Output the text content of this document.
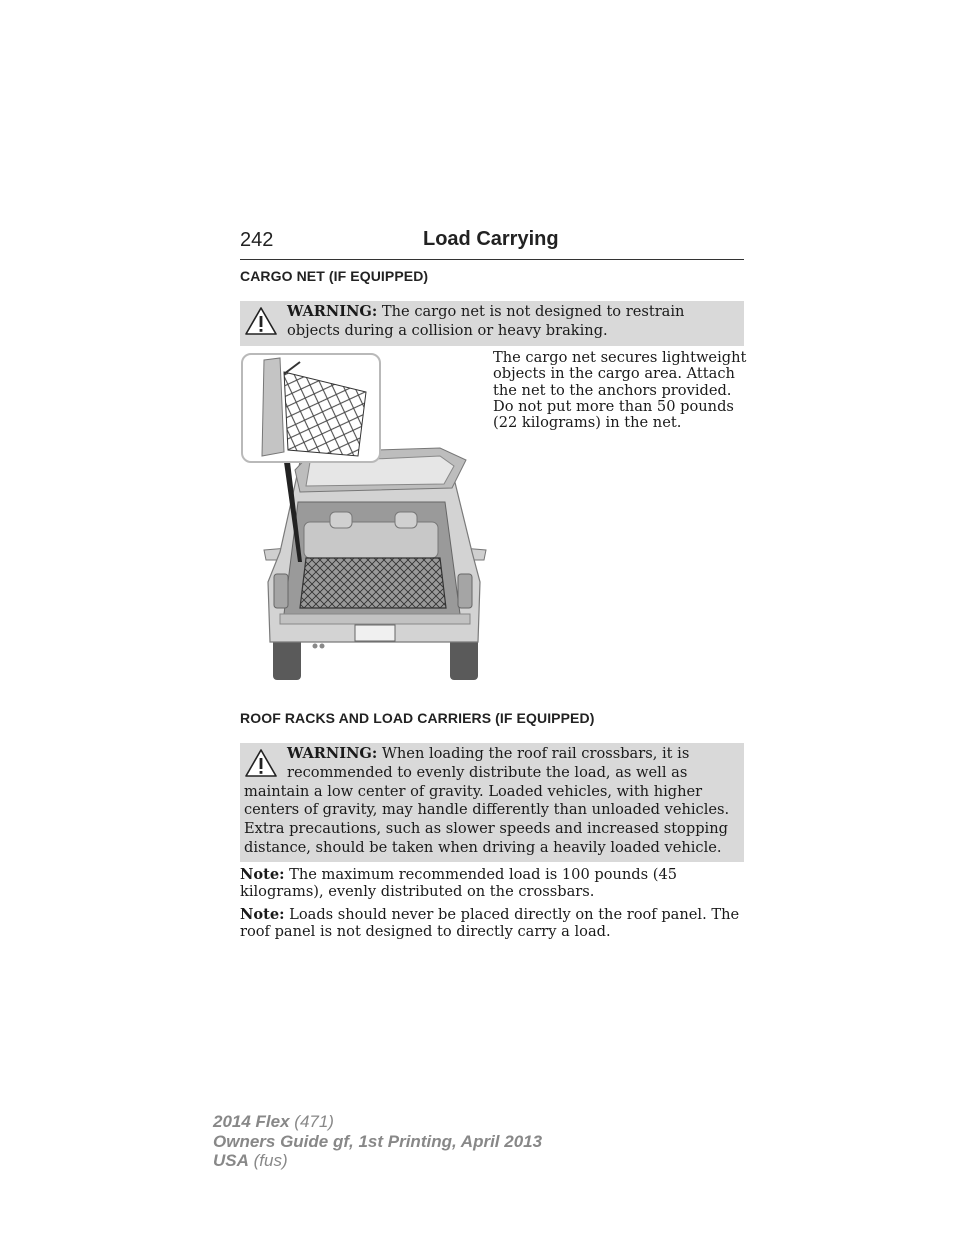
242	Load Carrying
CARGO NET (IF EQUIPPED)
WARNING: The cargo net is not designed to restrain objects during a collision or heavy braking.
The cargo net secures lightweight
objects in the cargo area. Attach
the net to the anchors provided.
Do not put more than 50 pounds
(22 kilograms) in the net.
ROOF RACKS AND LOAD CARRIERS (IF EQUIPPED)
WARNING: When loading the roof rail crossbars, it is recommended to evenly distribute the load, as well as maintain a low center of gravity. Loaded vehicles, with higher centers of gravity, may handle differently than unloaded vehicles. Extra precautions, such as slower speeds and increased stopping distance, should be taken when driving a heavily loaded vehicle.
Note: The maximum recommended load is 100 pounds (45 kilograms), evenly distributed on the crossbars.
Note: Loads should never be placed directly on the roof panel. The roof panel is not designed to directly carry a load.
2014 Flex (471)
Owners Guide gf, 1st Printing, April 2013
USA (fus)
